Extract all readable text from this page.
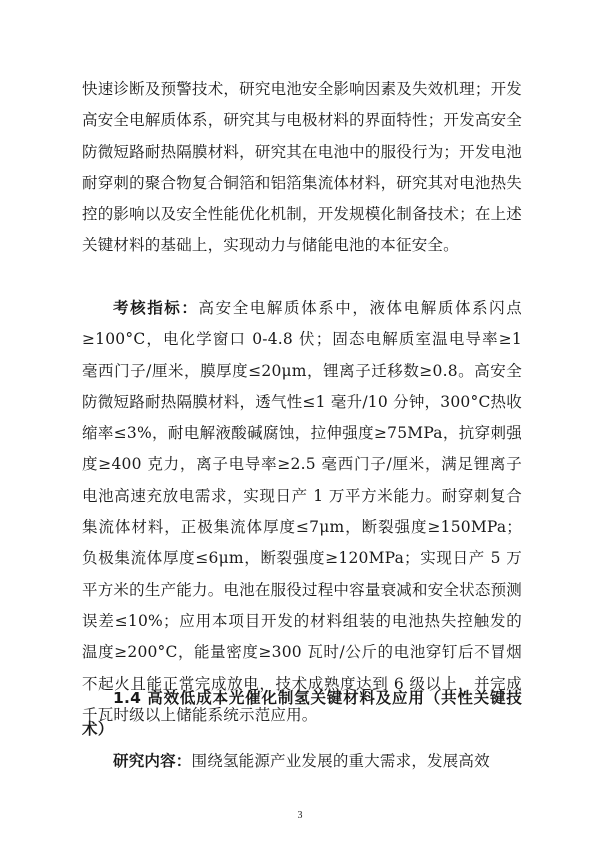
快速诊断及预警技术，研究电池安全影响因素及失效机理；开发高安全电解质体系，研究其与电极材料的界面特性；开发高安全防微短路耐热隔膜材料，研究其在电池中的服役行为；开发电池耐穿刺的聚合物复合铜箔和铝箔集流体材料，研究其对电池热失控的影响以及安全性能优化机制，开发规模化制备技术；在上述关键材料的基础上，实现动力与储能电池的本征安全。

考核指标：高安全电解质体系中，液体电解质体系闪点≥100°C，电化学窗口 0-4.8 伏；固态电解质室温电导率≥1 毫西门子/厘米，膜厚度≤20μm，锂离子迁移数≥0.8。高安全防微短路耐热隔膜材料，透气性≤1 毫升/10 分钟，300°C热收缩率≤3%，耐电解液酸碱腐蚀，拉伸强度≥75MPa，抗穿刺强度≥400 克力，离子电导率≥2.5 毫西门子/厘米，满足锂离子电池高速充放电需求，实现日产 1 万平方米能力。耐穿刺复合集流体材料，正极集流体厚度≤7μm，断裂强度≥150MPa；负极集流体厚度≤6μm，断裂强度≥120MPa；实现日产 5 万平方米的生产能力。电池在服役过程中容量衰减和安全状态预测误差≤10%；应用本项目开发的材料组装的电池热失控触发的温度≥200°C，能量密度≥300 瓦时/公斤的电池穿钉后不冒烟不起火且能正常完成放电，技术成熟度达到 6 级以上，并完成千瓦时级以上储能系统示范应用。

1.4 高效低成本光催化制氢关键材料及应用（共性关键技术）

研究内容：围绕氢能源产业发展的重大需求，发展高效

3
